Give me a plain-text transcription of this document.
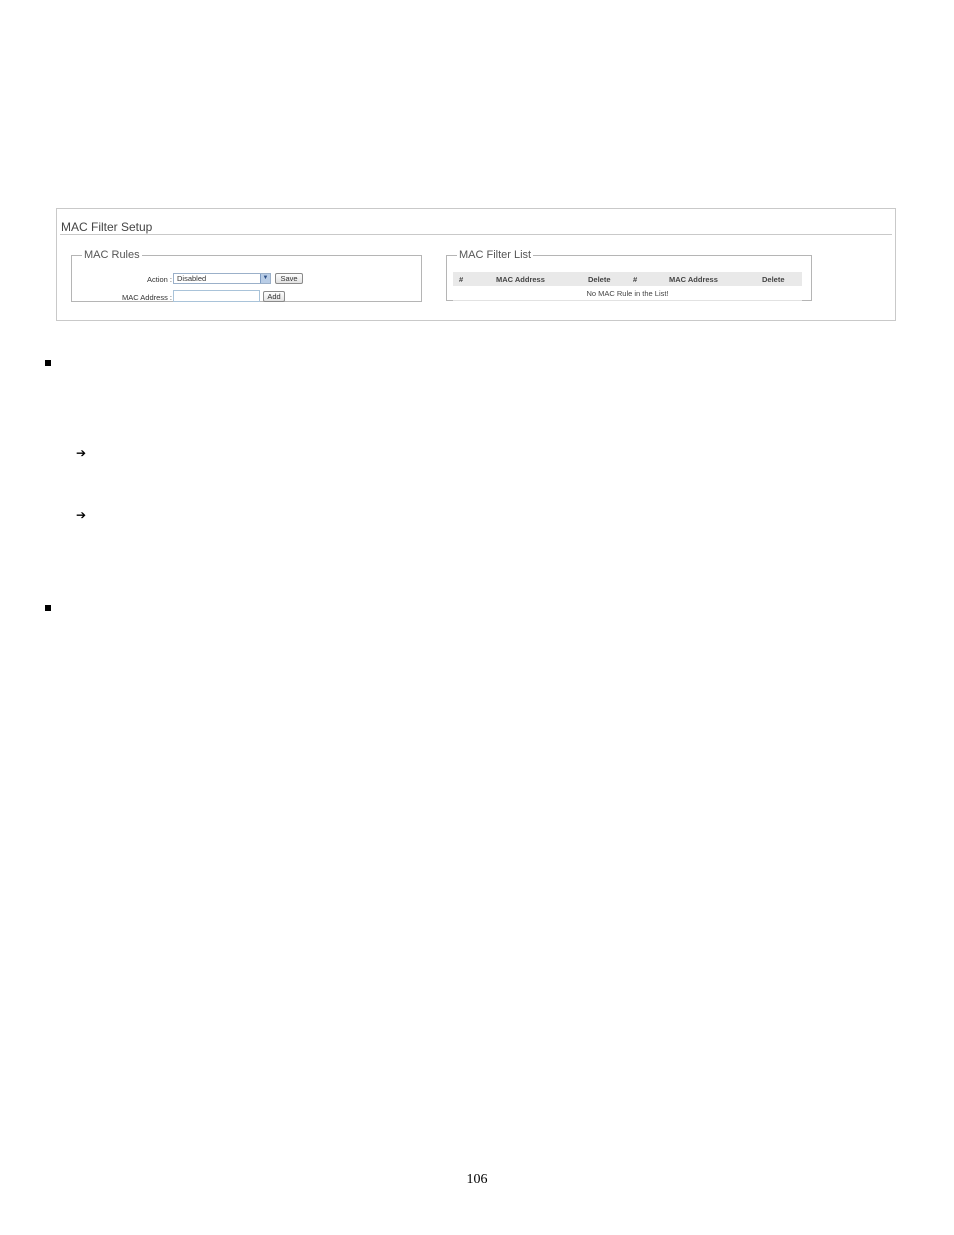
MAC Filter Setup
MAC Rules
Action : Disabled	▼	Save
MAC Address :	Add
MAC Filter List
#	MAC Address	Delete	#	MAC Address	Delete
No MAC Rule in the List!
➔
➔
106
